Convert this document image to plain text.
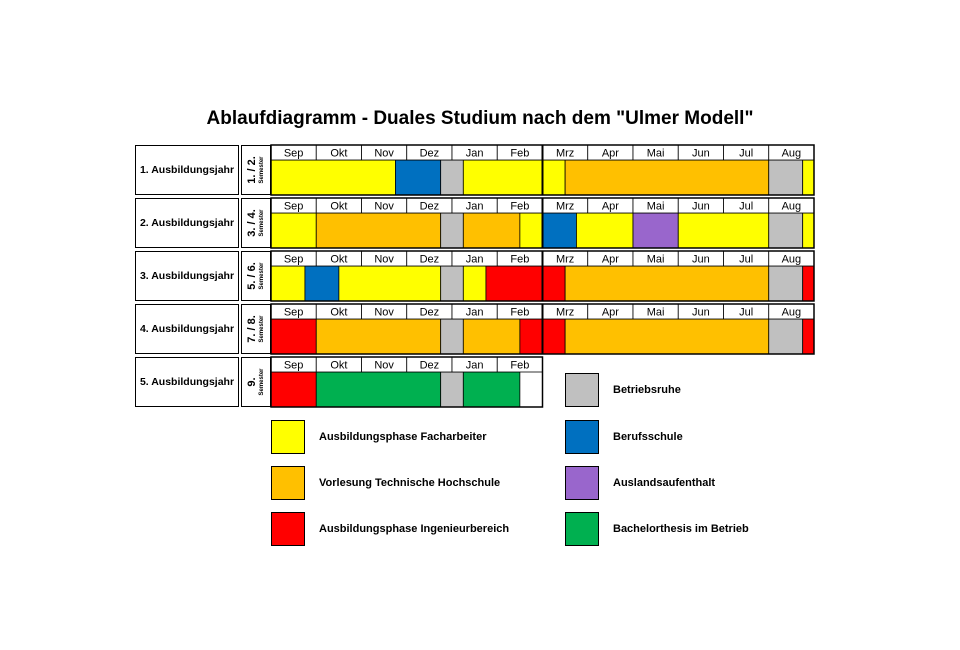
Ablaufdiagramm - Duales Studium nach dem "Ulmer Modell"
1. Ausbildungsjahr	1. / 2. Semester
Sep Okt Nov Dez Jan Feb Mrz	Apr	Mai	Jun	Jul	Aug
2. Ausbildungsjahr	3. / 4. Semester
Sep Okt Nov Dez Jan Feb Mrz	Apr	Mai	Jun	Jul	Aug
3. Ausbildungsjahr	5. / 6. Semester
Sep Okt Nov Dez Jan Feb Mrz	Apr	Mai	Jun	Jul	Aug
4. Ausbildungsjahr	7. / 8. Semester
Sep Okt Nov Dez Jan Feb Mrz	Apr	Mai	Jun	Jul	Aug
5. Ausbildungsjahr	9. Semester
Sep Okt Nov Dez Jan Feb
Betriebsruhe
Ausbildungsphase Facharbeiter	Berufsschule
Vorlesung Technische Hochschule	Auslandsaufenthalt
Ausbildungsphase Ingenieurbereich	Bachelorthesis im Betrieb
